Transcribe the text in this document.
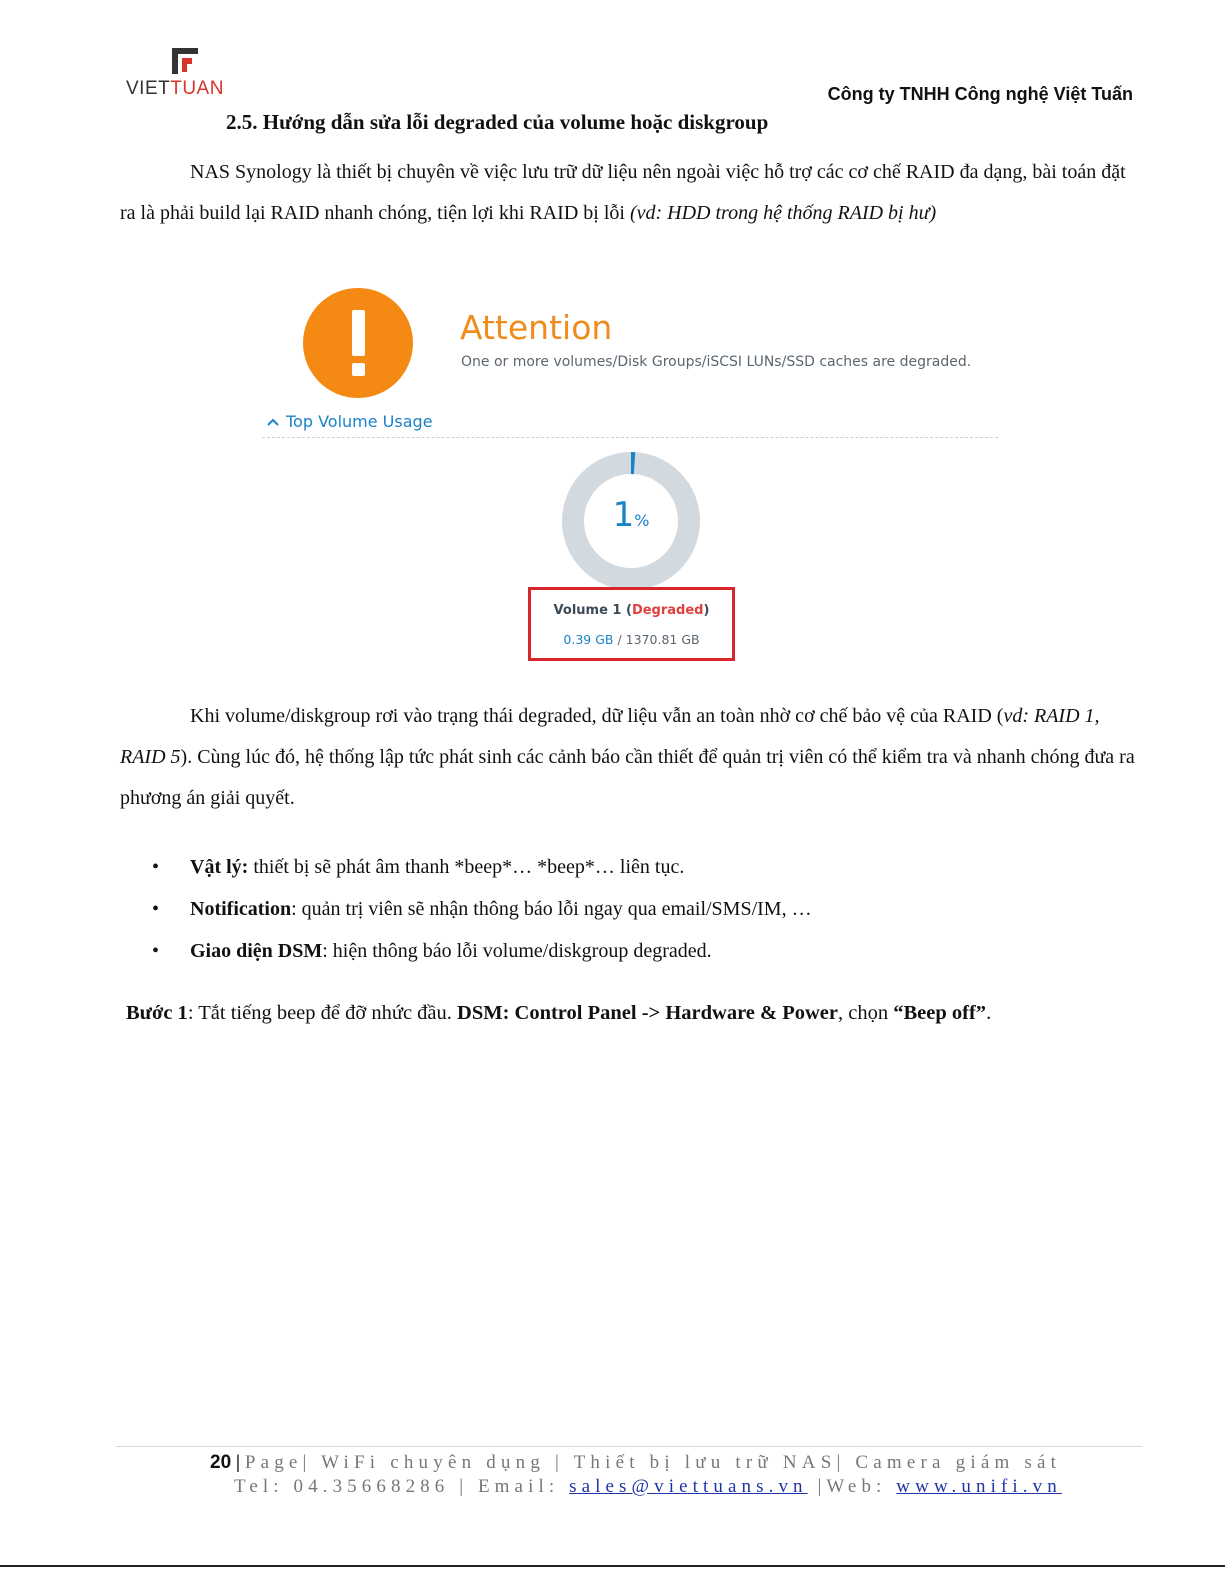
VIETTUAN	Công ty TNHH Công nghệ Việt Tuấn
2.5. Hướng dẫn sửa lỗi degraded của volume hoặc diskgroup

NAS Synology là thiết bị chuyên về việc lưu trữ dữ liệu nên ngoài việc hỗ trợ các cơ chế RAID đa dạng, bài toán đặt ra là phải build lại RAID nhanh chóng, tiện lợi khi RAID bị lỗi (vd: HDD trong hệ thống RAID bị hư)

Attention
One or more volumes/Disk Groups/iSCSI LUNs/SSD caches are degraded.
Top Volume Usage
1%
Volume 1 (Degraded)
0.39 GB / 1370.81 GB

Khi volume/diskgroup rơi vào trạng thái degraded, dữ liệu vẫn an toàn nhờ cơ chế bảo vệ của RAID (vd: RAID 1, RAID 5). Cùng lúc đó, hệ thống lập tức phát sinh các cảnh báo cần thiết để quản trị viên có thể kiểm tra và nhanh chóng đưa ra phương án giải quyết.

• Vật lý: thiết bị sẽ phát âm thanh *beep*… *beep*… liên tục.
• Notification: quản trị viên sẽ nhận thông báo lỗi ngay qua email/SMS/IM, …
• Giao diện DSM: hiện thông báo lỗi volume/diskgroup degraded.
Bước 1: Tắt tiếng beep để đỡ nhức đầu. DSM: Control Panel -> Hardware & Power, chọn “Beep off”.
20 | Page| WiFi chuyên dụng | Thiết bị lưu trữ NAS| Camera giám sát
Tel: 04.35668286 | Email: sales@viettuans.vn |Web: www.unifi.vn
